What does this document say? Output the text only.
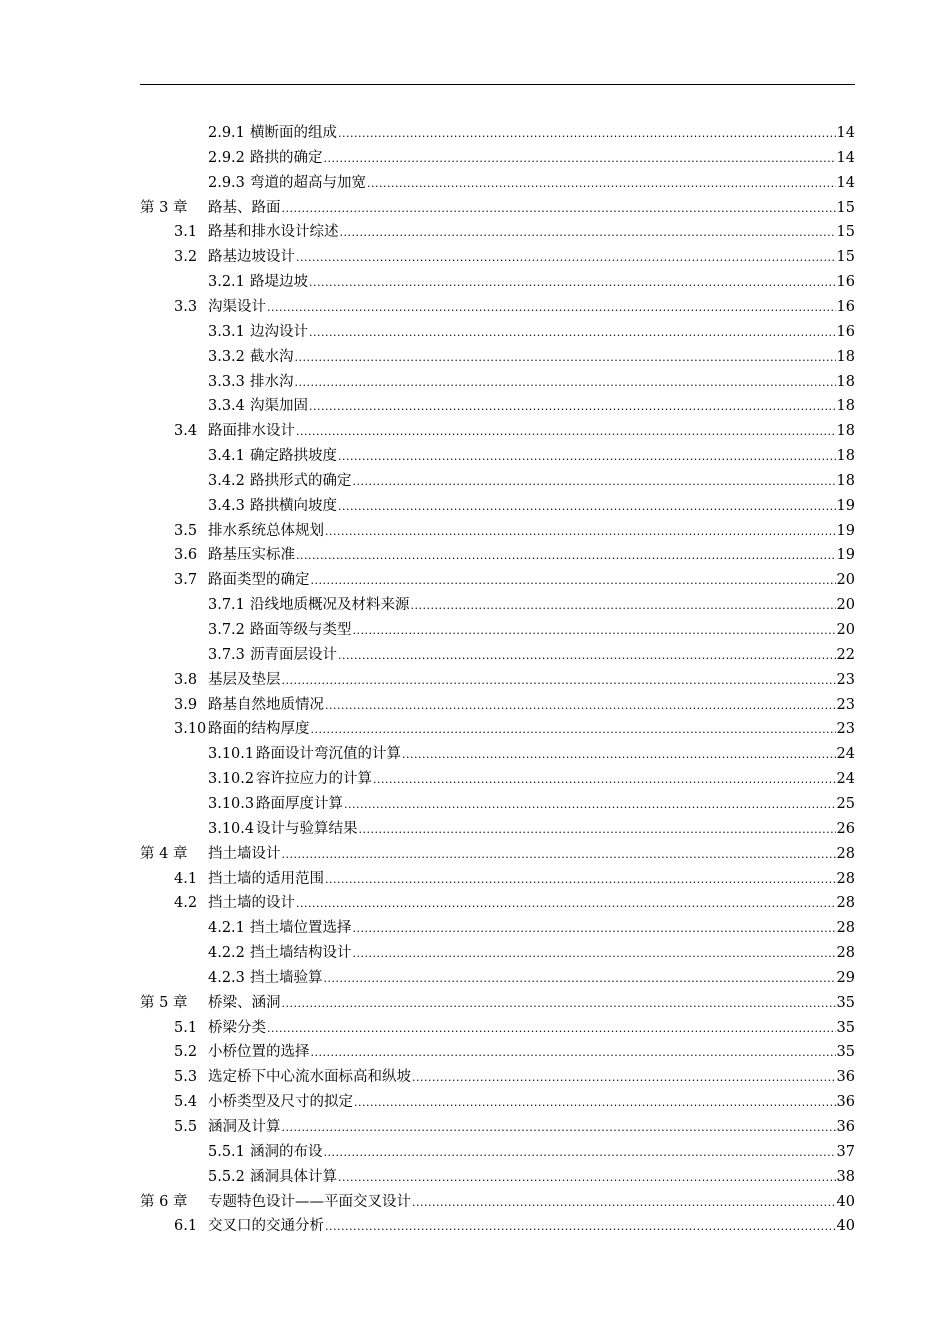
2.9.1 横断面的组成 .....	14
2.9.2 路拱的确定 .....	14
2.9.3 弯道的超高与加宽 .....	14
第 3 章	路基、路面 .....	15
3.1 路基和排水设计综述 .....	15
3.2 路基边坡设计 .....	15
3.2.1 路堤边坡 .....	16
3.3 沟渠设计 .....	16
3.3.1 边沟设计 .....	16
3.3.2 截水沟 .....	18
3.3.3 排水沟 .....	18
3.3.4 沟渠加固 .....	18
3.4 路面排水设计 .....	18
3.4.1 确定路拱坡度 .....	18
3.4.2 路拱形式的确定 .....	18
3.4.3 路拱横向坡度 .....	19
3.5 排水系统总体规划 .....	19
3.6 路基压实标准 .....	19
3.7 路面类型的确定 .....	20
3.7.1 沿线地质概况及材料来源 .....	20
3.7.2 路面等级与类型 .....	20
3.7.3 沥青面层设计 .....	22
3.8 基层及垫层 .....	23
3.9 路基自然地质情况 .....	23
3.10 路面的结构厚度 .....	23
3.10.1 路面设计弯沉值的计算 .....	24
3.10.2 容许拉应力的计算 .....	24
3.10.3 路面厚度计算 .....	25
3.10.4 设计与验算结果 .....	26
第 4 章	挡土墙设计 .....	28
4.1 挡土墙的适用范围 .....	28
4.2 挡土墙的设计 .....	28
4.2.1 挡土墙位置选择 .....	28
4.2.2 挡土墙结构设计 .....	28
4.2.3 挡土墙验算 .....	29
第 5 章	桥梁、涵洞 .....	35
5.1 桥梁分类 .....	35
5.2 小桥位置的选择 .....	35
5.3 选定桥下中心流水面标高和纵坡 .....	36
5.4 小桥类型及尺寸的拟定 .....	36
5.5 涵洞及计算 .....	36
5.5.1 涵洞的布设 .....	37
5.5.2 涵洞具体计算 .....	38
第 6 章	专题特色设计——平面交叉设计 .....	40
6.1 交叉口的交通分析 .....	40
